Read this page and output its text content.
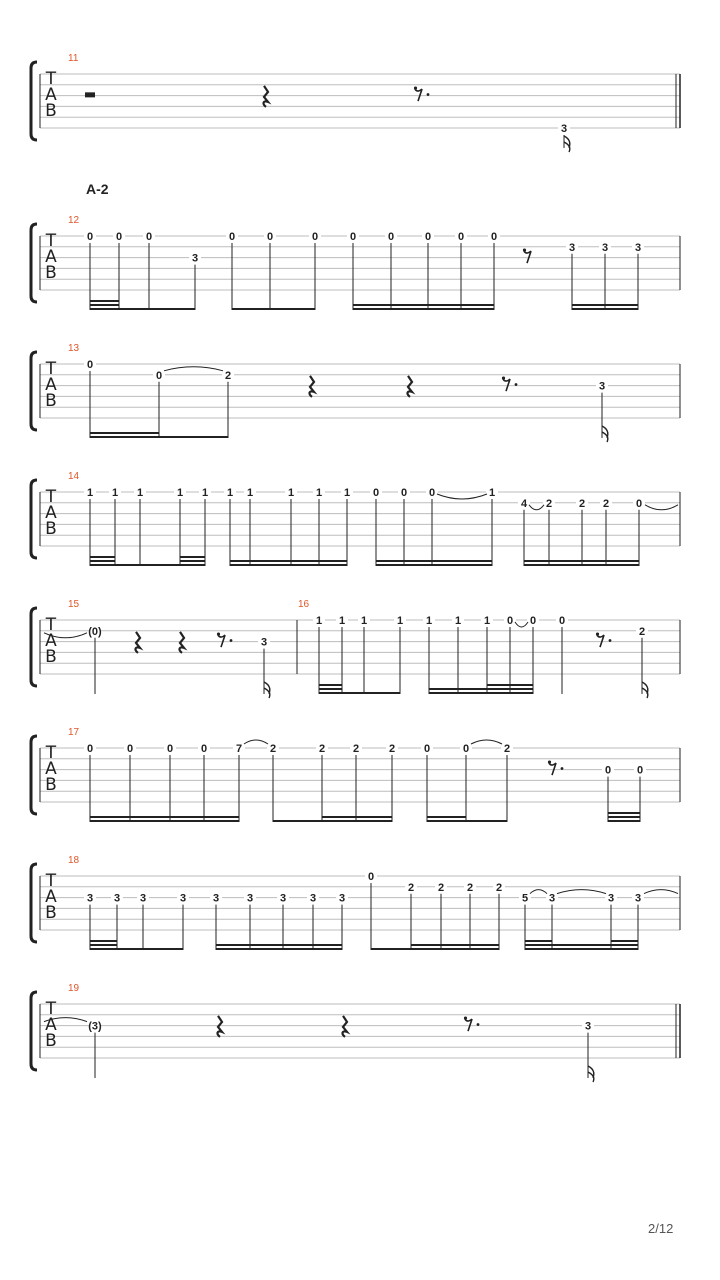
A-2
T
A
B
11
3
T
A
B
12
0 0 0
3
0	0	0	0	0	0 0 0
3 3 3
T
A
B
13
0
0	2
3
T
A
B
14
1 1 1	1 1 1 1	1 1 1 0 0 0	1
4 2 2 2 0
T
A
B
15	16
(0)
3
1 1 1	1 1 1 1 0 0 0
2
T
A
B
17
0	0	0	0	7	2	2	2	2	0	0	2
0 0
T
A
B
18
3 3 3	3 3	3 3 3 3
0
2 2 2 2
5 3	3 3
T
A
B
19
(3)	3
2/12
